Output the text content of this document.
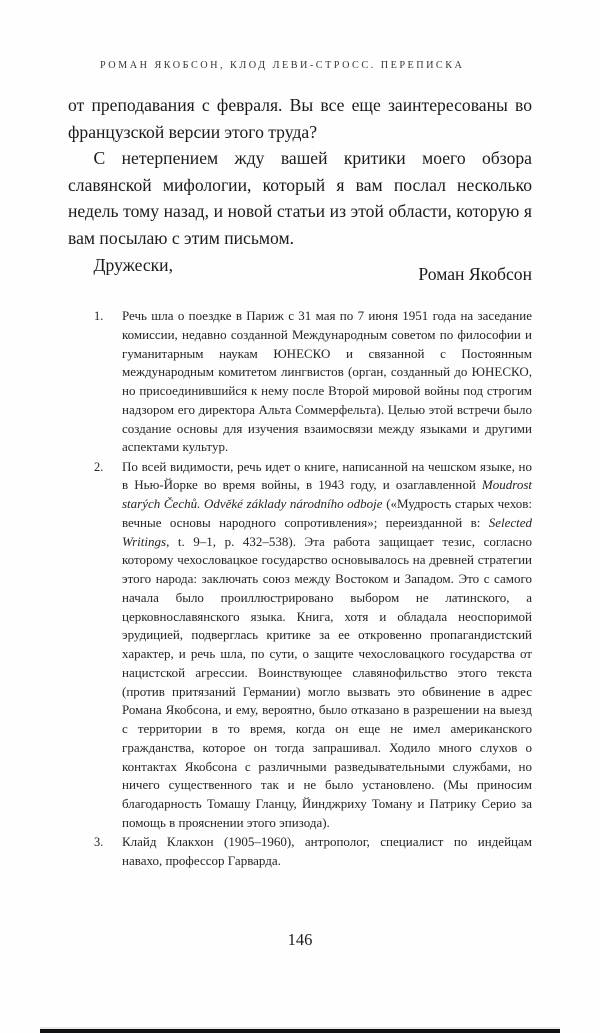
РОМАН ЯКОБСОН, КЛОД ЛЕВИ-СТРОСС. ПЕРЕПИСКА

от преподавания с февраля. Вы все еще заинтересованы во французской версии этого труда?

С нетерпением жду вашей критики моего обзора славянской мифологии, который я вам послал несколько недель тому назад, и новой статьи из этой области, которую я вам посылаю с этим письмом.

Дружески,	Роман Якобсон
1.	Речь шла о поездке в Париж с 31 мая по 7 июня 1951 года на заседание комиссии, недавно созданной Международным советом по философии и гуманитарным наукам ЮНЕСКО и связанной с Постоянным международным комитетом лингвистов (орган, созданный до ЮНЕСКО, но присоединившийся к нему после Второй мировой войны под строгим надзором его директора Альта Соммерфельта). Целью этой встречи было создание основы для изучения взаимосвязи между языками и другими аспектами культур.
2.	По всей видимости, речь идет о книге, написанной на чешском языке, но в Нью-Йорке во время войны, в 1943 году, и озаглавленной Moudrost starých Čechů. Odvěké základy národního odboje («Мудрость старых чехов: вечные основы народного сопротивления»; переизданной в: Selected Writings, t. 9–1, p. 432–538). Эта работа защищает тезис, согласно которому чехословацкое государство основывалось на древней стратегии этого народа: заключать союз между Востоком и Западом. Это с самого начала было проиллюстрировано выбором не латинского, а церковнославянского языка. Книга, хотя и обладала неоспоримой эрудицией, подверглась критике за ее откровенно пропагандистский характер, и речь шла, по сути, о защите чехословацкого государства от нацистской агрессии. Воинствующее славянофильство этого текста (против притязаний Германии) могло вызвать это обвинение в адрес Романа Якобсона, и ему, вероятно, было отказано в разрешении на выезд с территории в то время, когда он еще не имел американского гражданства, которое он тогда запрашивал. Ходило много слухов о контактах Якобсона с различными разведывательными службами, но ничего существенного так и не было установлено. (Мы приносим благодарность Томашу Гланцу, Йинджриху Томану и Патрику Серио за помощь в прояснении этого эпизода).
3.	Клайд Клакхон (1905–1960), антрополог, специалист по индейцам навахо, профессор Гарварда.
146
